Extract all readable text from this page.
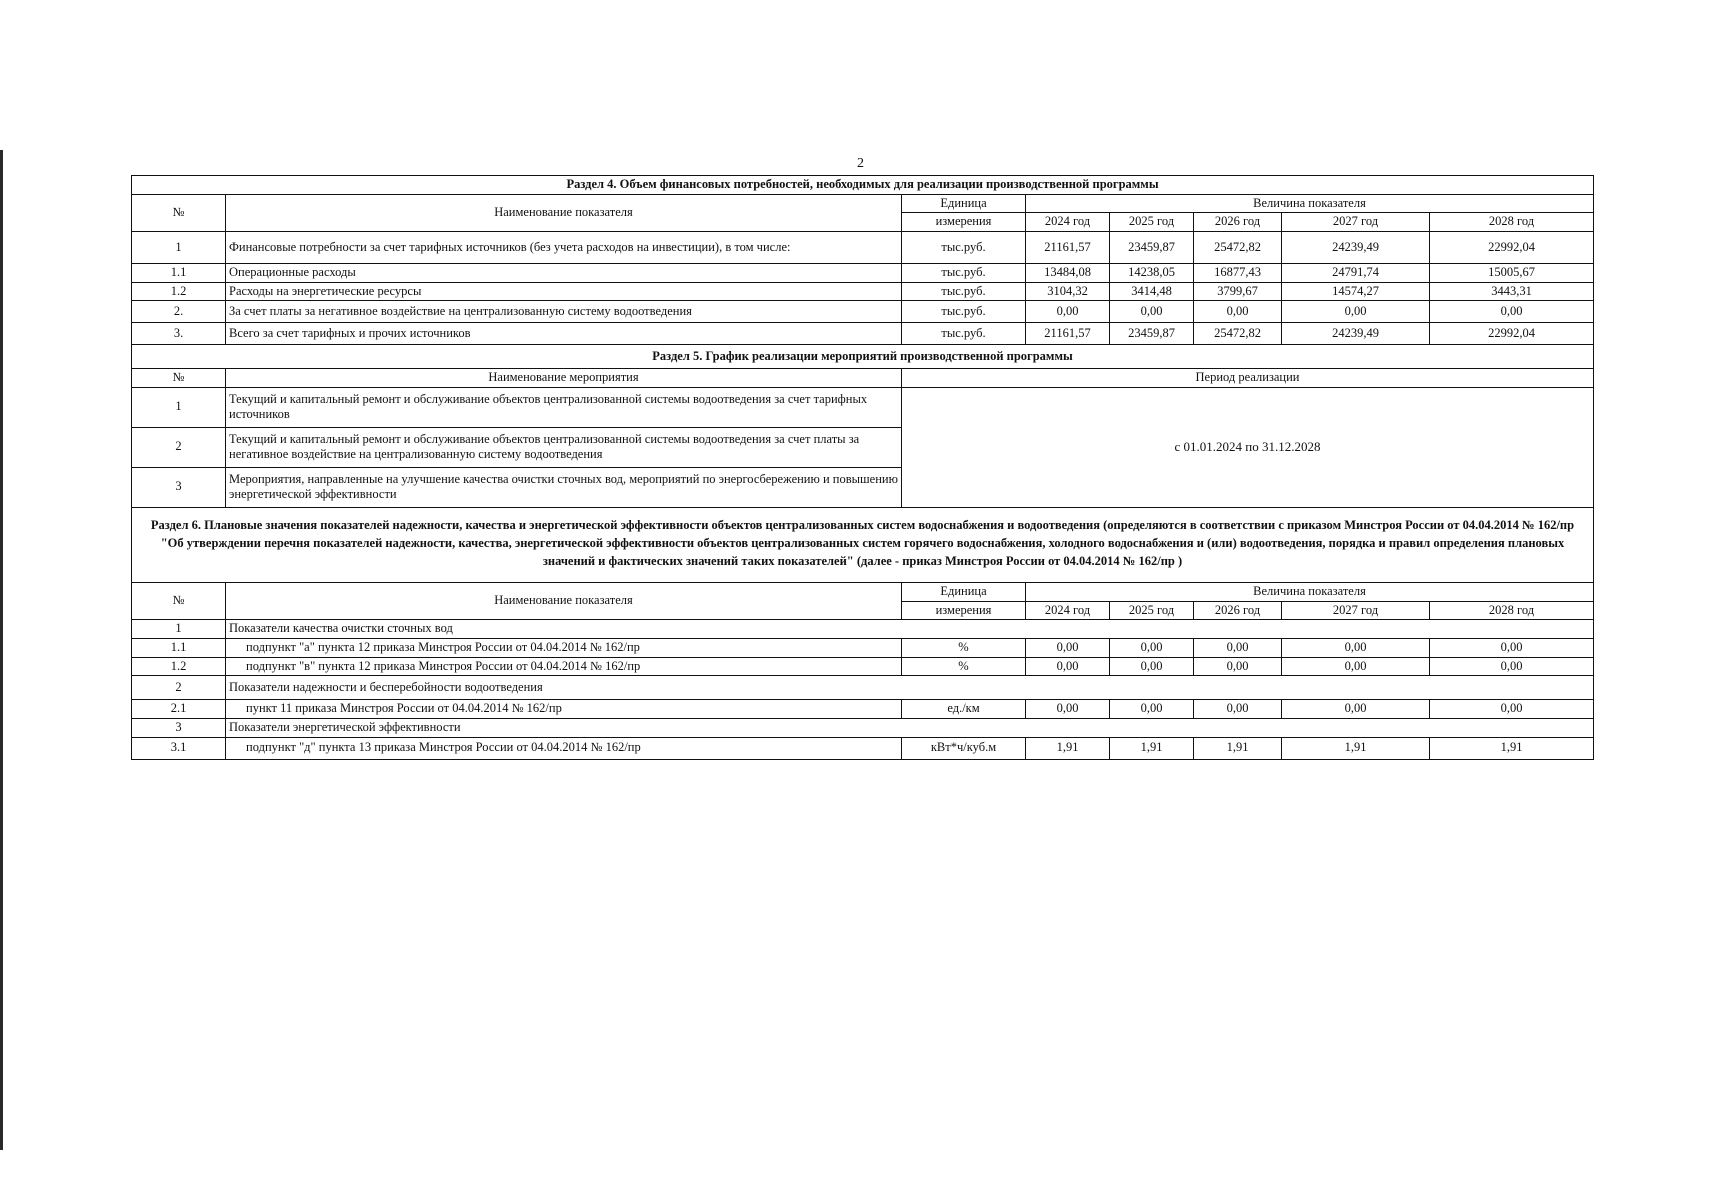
2
Раздел 4. Объем финансовых потребностей, необходимых для реализации производственной программы							
№	Наименование показателя	Единица	Величина показателя				
		измерения	2024 год	2025 год	2026 год	2027 год	2028 год
1	Финансовые потребности за счет тарифных источников (без учета расходов на инвестиции), в том числе:	тыс.руб.	21161,57	23459,87	25472,82	24239,49	22992,04
1.1	Операционные расходы	тыс.руб.	13484,08	14238,05	16877,43	24791,74	15005,67
1.2	Расходы на энергетические ресурсы	тыс.руб.	3104,32	3414,48	3799,67	14574,27	3443,31
2.	За счет платы за негативное воздействие на централизованную систему водоотведения	тыс.руб.	0,00	0,00	0,00	0,00	0,00
3.	Всего за счет тарифных и прочих источников	тыс.руб.	21161,57	23459,87	25472,82	24239,49	22992,04
Раздел 5. График реализации мероприятий производственной программы							
№	Наименование мероприятия	Период реализации					
1	Текущий и капитальный ремонт и обслуживание объектов централизованной системы водоотведения за счет тарифных источников	с 01.01.2024 по 31.12.2028					
2	Текущий и капитальный ремонт и обслуживание объектов централизованной системы водоотведения за счет платы за негативное воздействие на централизованную систему водоотведения						
3	Мероприятия, направленные на улучшение качества очистки сточных вод, мероприятий по энергосбережению и повышению энергетической эффективности						
Раздел 6. Плановые значения показателей надежности, качества и энергетической эффективности объектов централизованных систем водоснабжения и водоотведения (определяются в соответствии с приказом Минстроя России от 04.04.2014 № 162/пр "Об утверждении перечня показателей надежности, качества, энергетической эффективности объектов централизованных систем горячего водоснабжения, холодного водоснабжения и (или) водоотведения, порядка и правил определения плановых значений и фактических значений таких показателей" (далее - приказ Минстроя России от 04.04.2014 № 162/пр )							
№	Наименование показателя	Единица	Величина показателя				
		измерения	2024 год	2025 год	2026 год	2027 год	2028 год
1	Показатели качества очистки сточных вод						
1.1	подпункт "а" пункта 12 приказа Минстроя России от 04.04.2014 № 162/пр	%	0,00	0,00	0,00	0,00	0,00
1.2	подпункт "в" пункта 12 приказа Минстроя России от 04.04.2014 № 162/пр	%	0,00	0,00	0,00	0,00	0,00
2	Показатели надежности и бесперебойности водоотведения						
2.1	пункт 11 приказа Минстроя России от 04.04.2014 № 162/пр	ед./км	0,00	0,00	0,00	0,00	0,00
3	Показатели энергетической эффективности						
3.1	подпункт "д" пункта 13 приказа Минстроя России от 04.04.2014 № 162/пр	кВт*ч/куб.м	1,91	1,91	1,91	1,91	1,91
